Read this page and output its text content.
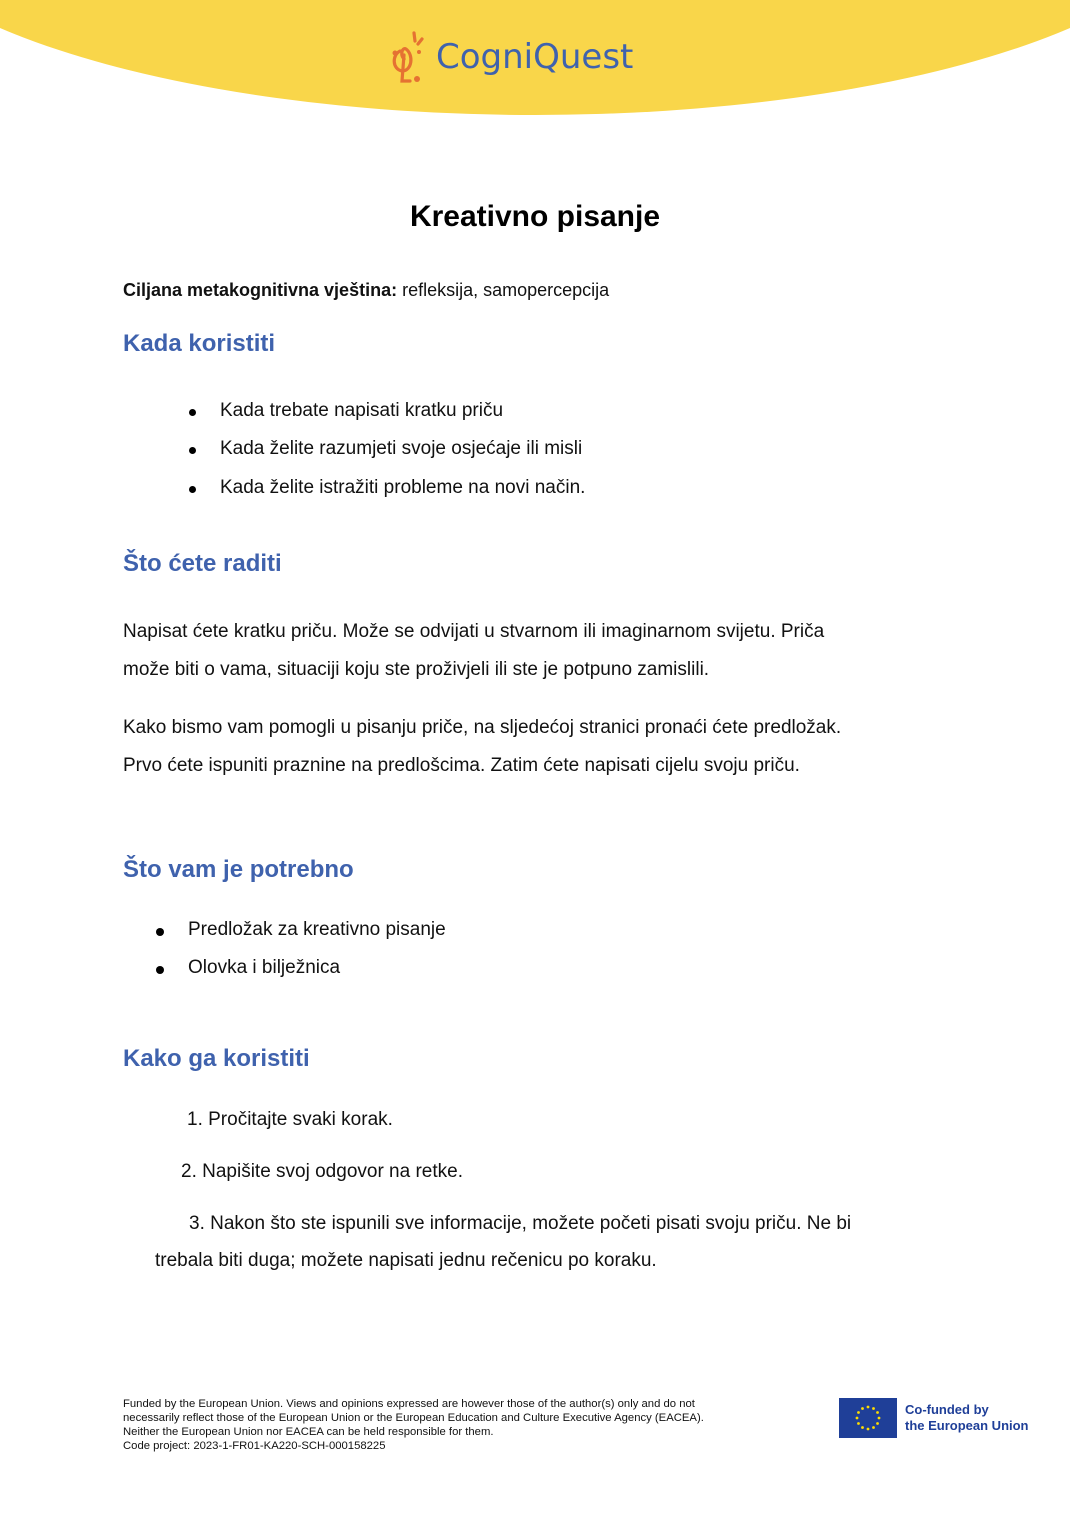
CogniQuest
Kreativno pisanje
Ciljana metakognitivna vještina: refleksija, samopercepcija
Kada koristiti
Kada trebate napisati kratku priču
Kada želite razumjeti svoje osjećaje ili misli
Kada želite istražiti probleme na novi način.
Što ćete raditi
Napisat ćete kratku priču. Može se odvijati u stvarnom ili imaginarnom svijetu. Priča
može biti o vama, situaciji koju ste proživjeli ili ste je potpuno zamislili.
Kako bismo vam pomogli u pisanju priče, na sljedećoj stranici pronaći ćete predložak.
Prvo ćete ispuniti praznine na predlošcima. Zatim ćete napisati cijelu svoju priču.
Što vam je potrebno
Predložak za kreativno pisanje
Olovka i bilježnica
Kako ga koristiti
1. Pročitajte svaki korak.
2. Napišite svoj odgovor na retke.
3. Nakon što ste ispunili sve informacije, možete početi pisati svoju priču. Ne bi
trebala biti duga; možete napisati jednu rečenicu po koraku.
Funded by the European Union. Views and opinions expressed are however those of the author(s) only and do not
necessarily reflect those of the European Union or the European Education and Culture Executive Agency (EACEA).
Neither the European Union nor EACEA can be held responsible for them.
Code project: 2023-1-FR01-KA220-SCH-000158225
Co-funded by
the European Union
